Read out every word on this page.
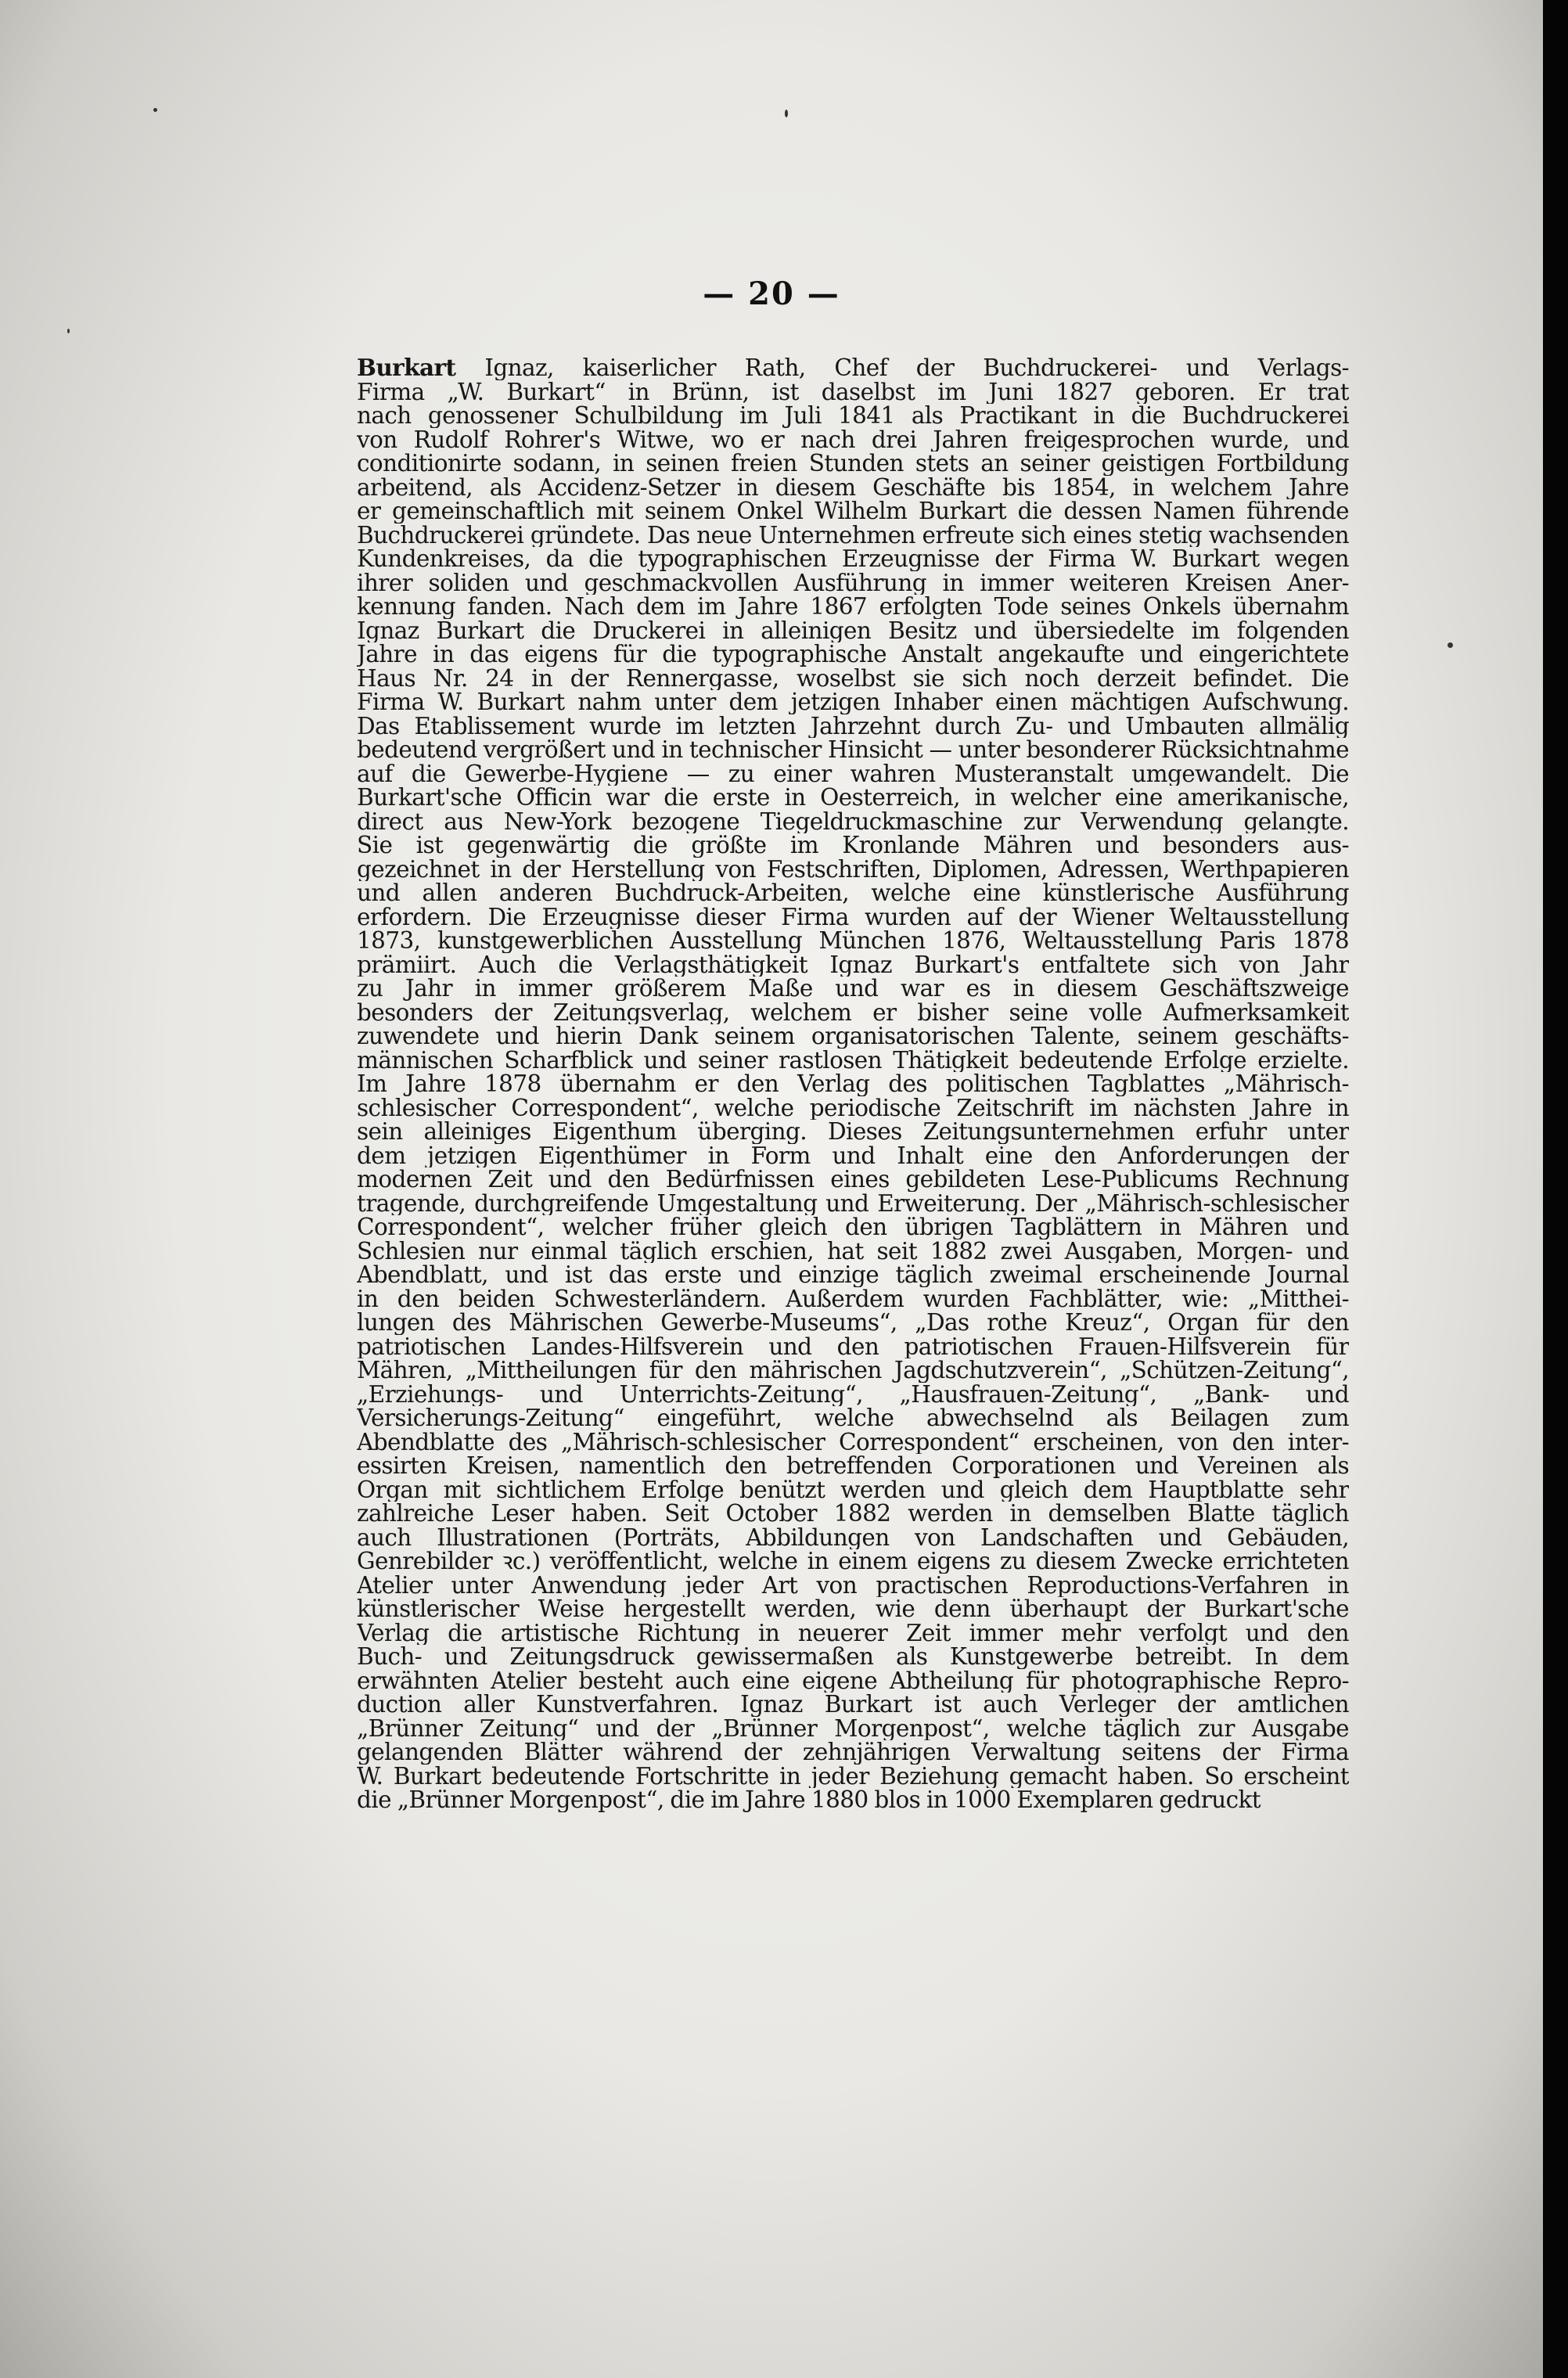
— 20 —
Burkart Ignaz, kaiserlicher Rath, Chef der Buchdruckerei- und Verlags-
Firma „W. Burkart“ in Brünn, ist daselbst im Juni 1827 geboren. Er trat
nach genossener Schulbildung im Juli 1841 als Practikant in die Buchdruckerei
von Rudolf Rohrer's Witwe, wo er nach drei Jahren freigesprochen wurde, und
conditionirte sodann, in seinen freien Stunden stets an seiner geistigen Fortbildung
arbeitend, als Accidenz-Setzer in diesem Geschäfte bis 1854, in welchem Jahre
er gemeinschaftlich mit seinem Onkel Wilhelm Burkart die dessen Namen führende
Buchdruckerei gründete. Das neue Unternehmen erfreute sich eines stetig wachsenden
Kundenkreises, da die typographischen Erzeugnisse der Firma W. Burkart wegen
ihrer soliden und geschmackvollen Ausführung in immer weiteren Kreisen Aner-
kennung fanden. Nach dem im Jahre 1867 erfolgten Tode seines Onkels übernahm
Ignaz Burkart die Druckerei in alleinigen Besitz und übersiedelte im folgenden
Jahre in das eigens für die typographische Anstalt angekaufte und eingerichtete
Haus Nr. 24 in der Rennergasse, woselbst sie sich noch derzeit befindet. Die
Firma W. Burkart nahm unter dem jetzigen Inhaber einen mächtigen Aufschwung.
Das Etablissement wurde im letzten Jahrzehnt durch Zu- und Umbauten allmälig
bedeutend vergrößert und in technischer Hinsicht — unter besonderer Rücksichtnahme
auf die Gewerbe-Hygiene — zu einer wahren Musteranstalt umgewandelt. Die
Burkart'sche Officin war die erste in Oesterreich, in welcher eine amerikanische,
direct aus New-York bezogene Tiegeldruckmaschine zur Verwendung gelangte.
Sie ist gegenwärtig die größte im Kronlande Mähren und besonders aus-
gezeichnet in der Herstellung von Festschriften, Diplomen, Adressen, Werthpapieren
und allen anderen Buchdruck-Arbeiten, welche eine künstlerische Ausführung
erfordern. Die Erzeugnisse dieser Firma wurden auf der Wiener Weltausstellung
1873, kunstgewerblichen Ausstellung München 1876, Weltausstellung Paris 1878
prämiirt. Auch die Verlagsthätigkeit Ignaz Burkart's entfaltete sich von Jahr
zu Jahr in immer größerem Maße und war es in diesem Geschäftszweige
besonders der Zeitungsverlag, welchem er bisher seine volle Aufmerksamkeit
zuwendete und hierin Dank seinem organisatorischen Talente, seinem geschäfts-
männischen Scharfblick und seiner rastlosen Thätigkeit bedeutende Erfolge erzielte.
Im Jahre 1878 übernahm er den Verlag des politischen Tagblattes „Mährisch-
schlesischer Correspondent“, welche periodische Zeitschrift im nächsten Jahre in
sein alleiniges Eigenthum überging. Dieses Zeitungsunternehmen erfuhr unter
dem jetzigen Eigenthümer in Form und Inhalt eine den Anforderungen der
modernen Zeit und den Bedürfnissen eines gebildeten Lese-Publicums Rechnung
tragende, durchgreifende Umgestaltung und Erweiterung. Der „Mährisch-schlesischer
Correspondent“, welcher früher gleich den übrigen Tagblättern in Mähren und
Schlesien nur einmal täglich erschien, hat seit 1882 zwei Ausgaben, Morgen- und
Abendblatt, und ist das erste und einzige täglich zweimal erscheinende Journal
in den beiden Schwesterländern. Außerdem wurden Fachblätter, wie: „Mitthei-
lungen des Mährischen Gewerbe-Museums“, „Das rothe Kreuz“, Organ für den
patriotischen Landes-Hilfsverein und den patriotischen Frauen-Hilfsverein für
Mähren, „Mittheilungen für den mährischen Jagdschutzverein“, „Schützen-Zeitung“,
„Erziehungs- und Unterrichts-Zeitung“, „Hausfrauen-Zeitung“, „Bank- und
Versicherungs-Zeitung“ eingeführt, welche abwechselnd als Beilagen zum
Abendblatte des „Mährisch-schlesischer Correspondent“ erscheinen, von den inter-
essirten Kreisen, namentlich den betreffenden Corporationen und Vereinen als
Organ mit sichtlichem Erfolge benützt werden und gleich dem Hauptblatte sehr
zahlreiche Leser haben. Seit October 1882 werden in demselben Blatte täglich
auch Illustrationen (Porträts, Abbildungen von Landschaften und Gebäuden,
Genrebilder ꝛc.) veröffentlicht, welche in einem eigens zu diesem Zwecke errichteten
Atelier unter Anwendung jeder Art von practischen Reproductions-Verfahren in
künstlerischer Weise hergestellt werden, wie denn überhaupt der Burkart'sche
Verlag die artistische Richtung in neuerer Zeit immer mehr verfolgt und den
Buch- und Zeitungsdruck gewissermaßen als Kunstgewerbe betreibt. In dem
erwähnten Atelier besteht auch eine eigene Abtheilung für photographische Repro-
duction aller Kunstverfahren. Ignaz Burkart ist auch Verleger der amtlichen
„Brünner Zeitung“ und der „Brünner Morgenpost“, welche täglich zur Ausgabe
gelangenden Blätter während der zehnjährigen Verwaltung seitens der Firma
W. Burkart bedeutende Fortschritte in jeder Beziehung gemacht haben. So erscheint
die „Brünner Morgenpost“, die im Jahre 1880 blos in 1000 Exemplaren gedruckt
